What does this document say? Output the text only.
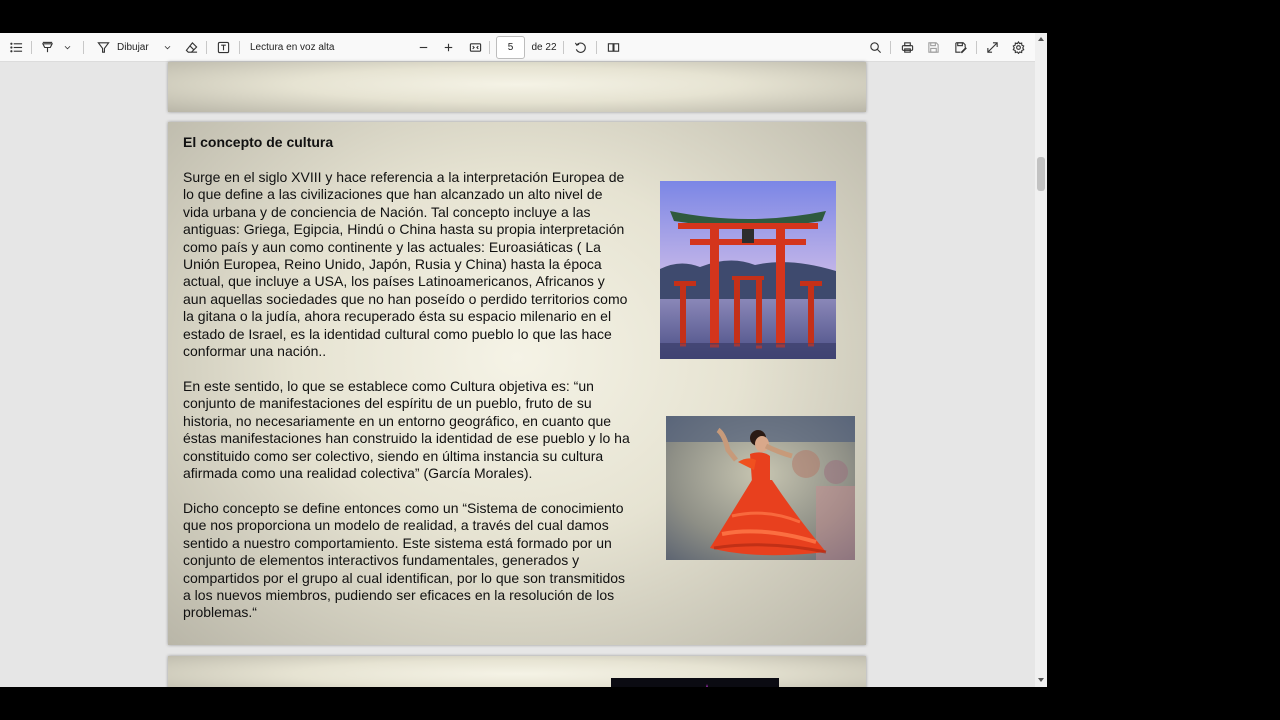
Dibujar	Lectura en voz alta	5	de 22
El concepto de cultura
Surge en el siglo XVIII y hace referencia a la interpretación Europea de
lo que define a las civilizaciones que han alcanzado un alto nivel de
vida urbana y de conciencia de Nación. Tal concepto incluye a las
antiguas: Griega, Egipcia, Hindú o China hasta su propia interpretación
como país y aun como continente y las actuales: Euroasiáticas ( La
Unión Europea, Reino Unido, Japón, Rusia y China) hasta la época
actual, que incluye a USA, los países Latinoamericanos, Africanos y
aun aquellas sociedades que no han poseído o perdido territorios como
la gitana o la judía, ahora recuperado ésta su espacio milenario en el
estado de Israel, es la identidad cultural como pueblo lo que las hace
conformar una nación..
En este sentido, lo que se establece como Cultura objetiva es: “un
conjunto de manifestaciones del espíritu de un pueblo, fruto de su
historia, no necesariamente en un entorno geográfico, en cuanto que
éstas manifestaciones han construido la identidad de ese pueblo y lo ha
constituido como ser colectivo, siendo en última instancia su cultura
afirmada como una realidad colectiva” (García Morales).
Dicho concepto se define entonces como un “Sistema de conocimiento
que nos proporciona un modelo de realidad, a través del cual damos
sentido a nuestro comportamiento. Este sistema está formado por un
conjunto de elementos interactivos fundamentales, generados y
compartidos por el grupo al cual identifican, por lo que son transmitidos
a los nuevos miembros, pudiendo ser eficaces en la resolución de los
problemas.“
